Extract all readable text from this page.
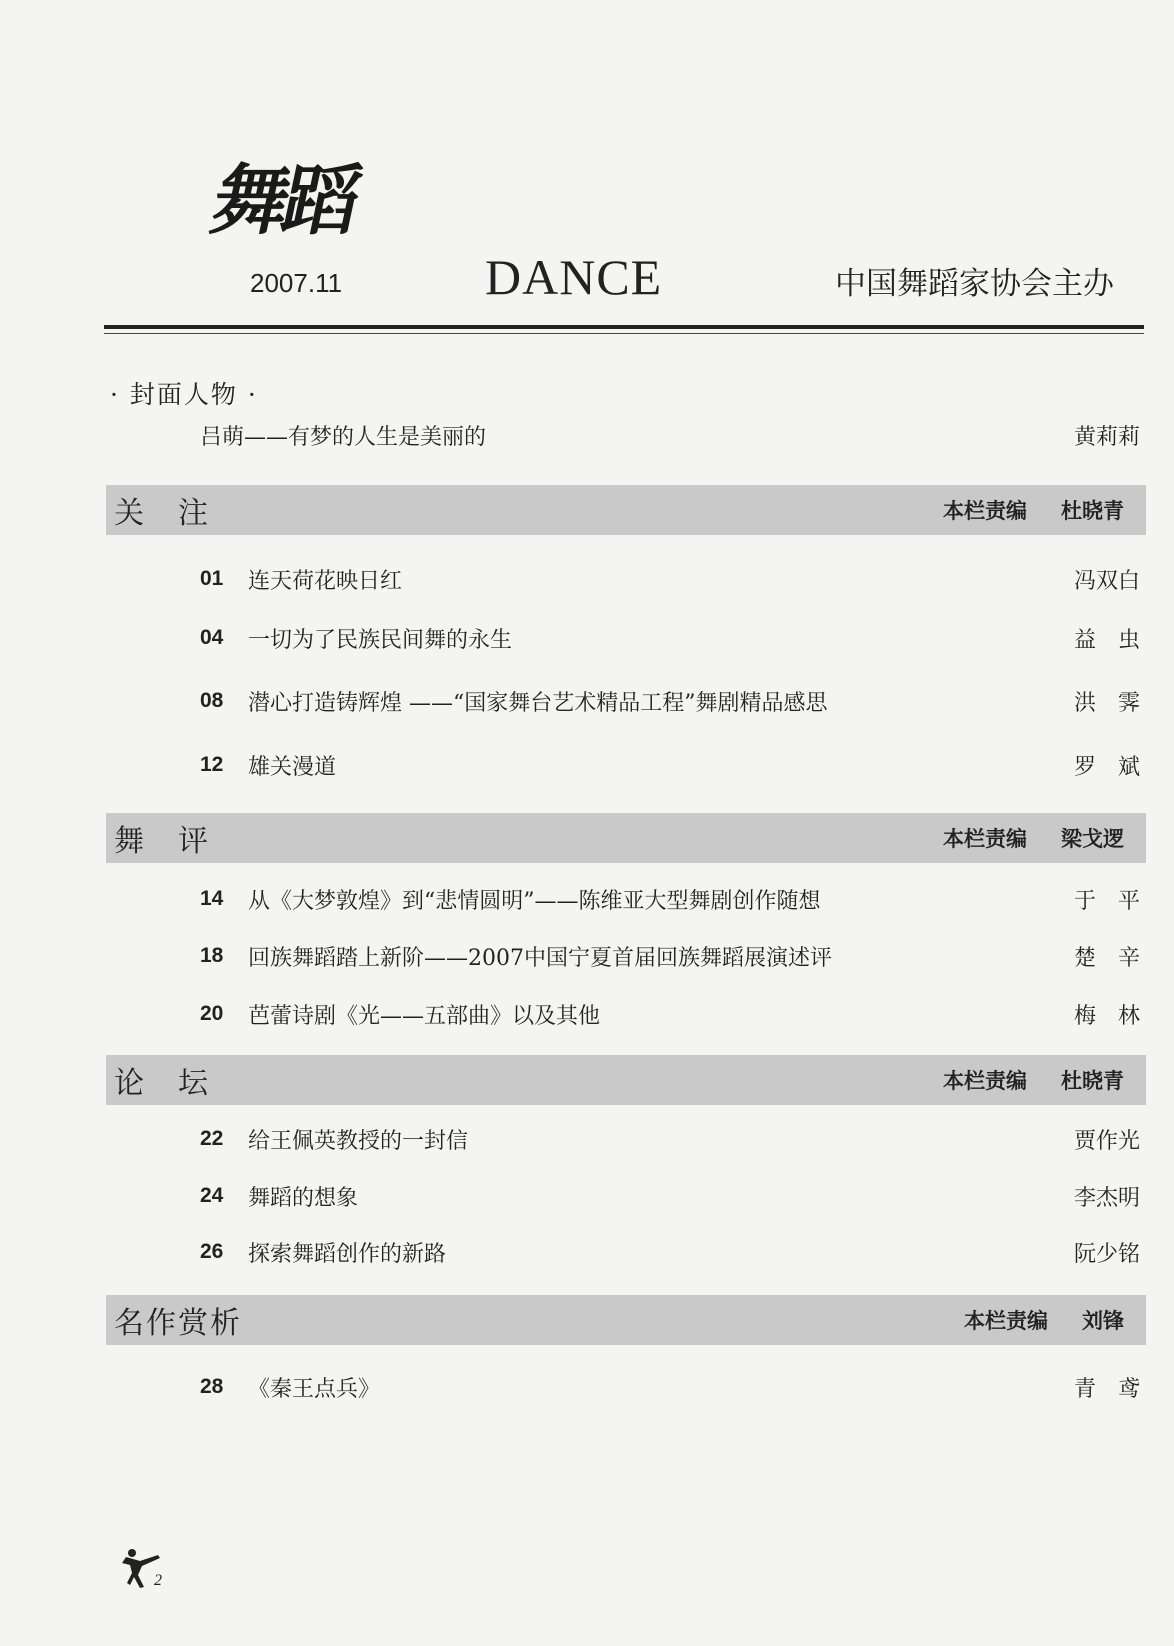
舞蹈
2007.11	DANCE	中国舞蹈家协会主办
· 封面人物 ·
吕萌——有梦的人生是美丽的	黄莉莉
关　注	本栏责编 杜晓青
01	连天荷花映日红	冯双白
04	一切为了民族民间舞的永生	益　虫
08	潜心打造铸辉煌 ——“国家舞台艺术精品工程”舞剧精品感思	洪　霁
12	雄关漫道	罗　斌
舞　评	本栏责编 梁戈逻
14	从《大梦敦煌》到“悲情圆明”——陈维亚大型舞剧创作随想	于　平
18	回族舞蹈踏上新阶——2007中国宁夏首届回族舞蹈展演述评	楚　辛
20	芭蕾诗剧《光——五部曲》以及其他	梅　林
论　坛	本栏责编 杜晓青
22	给王佩英教授的一封信	贾作光
24	舞蹈的想象	李杰明
26	探索舞蹈创作的新路	阮少铭
名作赏析	本栏责编 刘锋
28	《秦王点兵》	青　鸢
2
